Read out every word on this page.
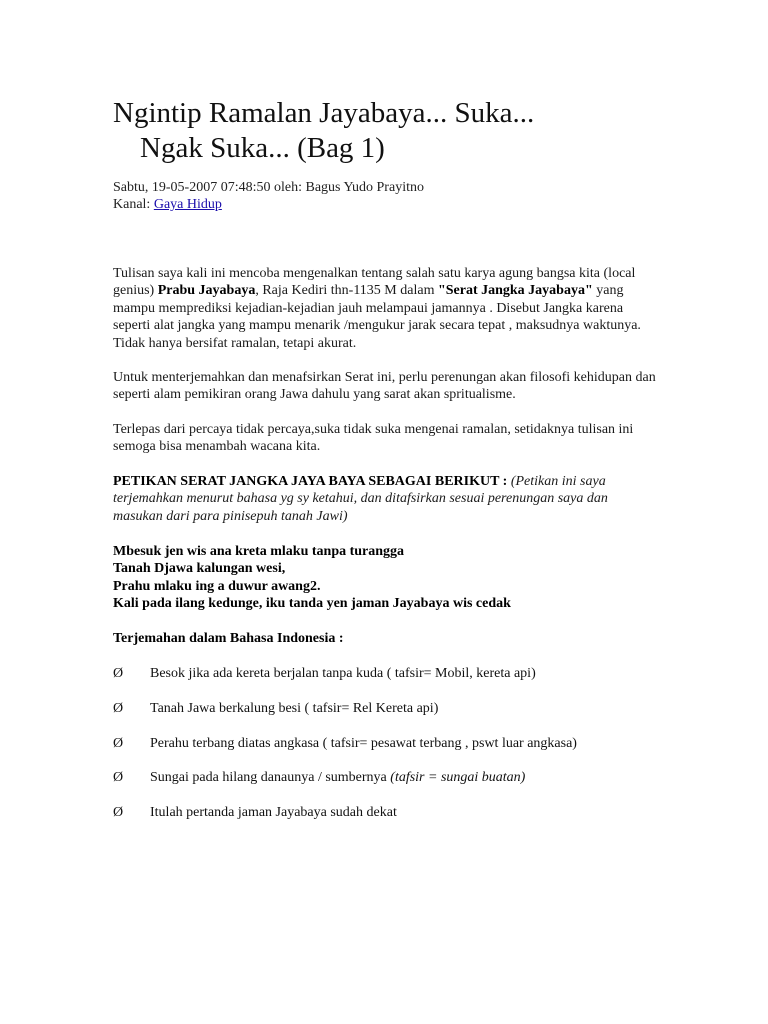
Ngintip Ramalan Jayabaya... Suka...
Ngak Suka... (Bag 1)
Sabtu, 19-05-2007 07:48:50 oleh: Bagus Yudo Prayitno
Kanal: Gaya Hidup
Tulisan saya kali ini mencoba mengenalkan tentang salah satu karya agung bangsa kita (local genius) Prabu Jayabaya, Raja Kediri thn-1135 M dalam "Serat Jangka Jayabaya" yang mampu memprediksi kejadian-kejadian jauh melampaui jamannya . Disebut Jangka karena seperti alat jangka yang mampu menarik /mengukur jarak secara tepat , maksudnya waktunya. Tidak hanya bersifat ramalan, tetapi akurat.
Untuk menterjemahkan dan menafsirkan Serat ini, perlu perenungan akan filosofi kehidupan dan seperti alam pemikiran orang Jawa dahulu yang sarat akan spritualisme.
Terlepas dari percaya tidak percaya,suka tidak suka mengenai ramalan, setidaknya tulisan ini semoga bisa menambah wacana kita.
PETIKAN SERAT JANGKA JAYA BAYA SEBAGAI BERIKUT : (Petikan ini saya terjemahkan menurut bahasa yg sy ketahui, dan ditafsirkan sesuai perenungan saya dan masukan dari para pinisepuh tanah Jawi)
Mbesuk jen wis ana kreta mlaku tanpa turangga
Tanah Djawa kalungan wesi,
Prahu mlaku ing a duwur awang2.
Kali pada ilang kedunge, iku tanda yen jaman Jayabaya wis cedak
Terjemahan dalam Bahasa Indonesia :
Ø Besok jika ada kereta berjalan tanpa kuda ( tafsir= Mobil, kereta api)
Ø Tanah Jawa berkalung besi ( tafsir= Rel Kereta api)
Ø Perahu terbang diatas angkasa ( tafsir= pesawat terbang , pswt luar angkasa)
Ø Sungai pada hilang danaunya / sumbernya (tafsir = sungai buatan)
Ø Itulah pertanda jaman Jayabaya sudah dekat
